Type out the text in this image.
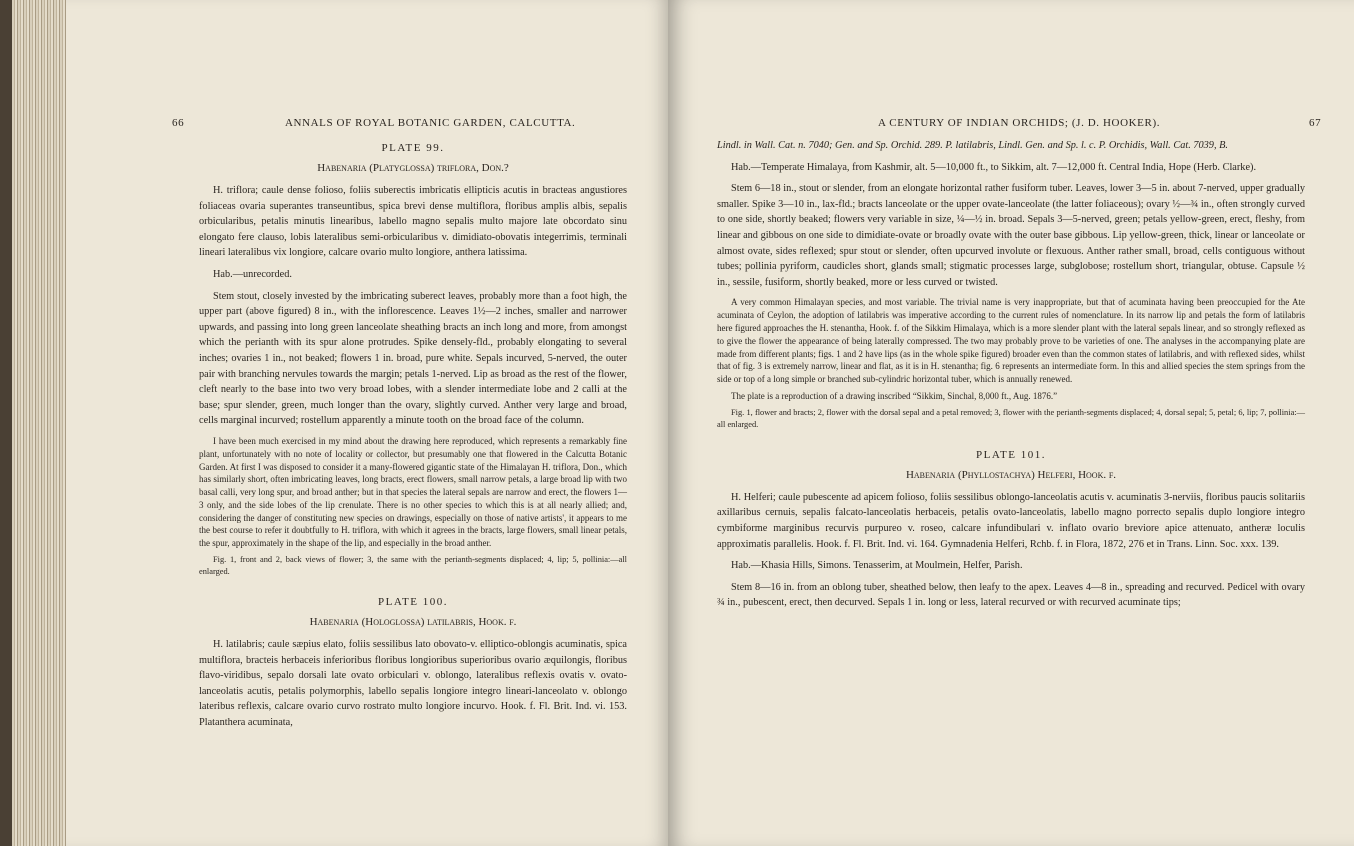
66	ANNALS OF ROYAL BOTANIC GARDEN, CALCUTTA.
PLATE 99.
Habenaria (Platyglossa) triflora, Don.?

H. triflora; caule dense folioso, foliis suberectis imbricatis ellipticis acutis in bracteas angustiores foliaceas ovaria superantes transeuntibus, spica brevi dense multiflora, floribus amplis albis, sepalis orbicularibus, petalis minutis linearibus, labello magno sepalis multo majore late obcordato sinu elongato fere clauso, lobis lateralibus semi-orbicularibus v. dimidiato-obovatis integerrimis, terminali lineari lateralibus vix longiore, calcare ovario multo longiore, anthera latissima.

Hab.—unrecorded.

Stem stout, closely invested by the imbricating suberect leaves, probably more than a foot high, the upper part (above figured) 8 in., with the inflorescence. Leaves 1½—2 inches, smaller and narrower upwards, and passing into long green lanceolate sheathing bracts an inch long and more, from amongst which the perianth with its spur alone protrudes. Spike densely-fld., probably elongating to several inches; ovaries 1 in., not beaked; flowers 1 in. broad, pure white. Sepals incurved, 5-nerved, the outer pair with branching nervules towards the margin; petals 1-nerved. Lip as broad as the rest of the flower, cleft nearly to the base into two very broad lobes, with a slender intermediate lobe and 2 calli at the base; spur slender, green, much longer than the ovary, slightly curved. Anther very large and broad, cells marginal incurved; rostellum apparently a minute tooth on the broad face of the column.

I have been much exercised in my mind about the drawing here reproduced, which represents a remarkably fine plant, unfortunately with no note of locality or collector, but presumably one that flowered in the Calcutta Botanic Garden. At first I was disposed to consider it a many-flowered gigantic state of the Himalayan H. triflora, Don., which has similarly short, often imbricating leaves, long bracts, erect flowers, small narrow petals, a large broad lip with two basal calli, very long spur, and broad anther; but in that species the lateral sepals are narrow and erect, the flowers 1—3 only, and the side lobes of the lip crenulate. There is no other species to which this is at all nearly allied; and, considering the danger of constituting new species on drawings, especially on those of native artists', it appears to me the best course to refer it doubtfully to H. triflora, with which it agrees in the bracts, large flowers, small linear petals, the spur, approximately in the shape of the lip, and especially in the broad anther.

Fig. 1, front and 2, back views of flower; 3, the same with the perianth-segments displaced; 4, lip; 5, pollinia:—all enlarged.

PLATE 100.
Habenaria (Hologlossa) latilabris, Hook. f.

H. latilabris; caule sæpius elato, foliis sessilibus lato obovato-v. elliptico-oblongis acuminatis, spica multiflora, bracteis herbaceis inferioribus floribus longioribus superioribus ovario æquilongis, floribus flavo-viridibus, sepalo dorsali late ovato orbiculari v. oblongo, lateralibus reflexis ovatis v. ovato-lanceolatis acutis, petalis polymorphis, labello sepalis longiore integro lineari-lanceolato v. oblongo lateribus reflexis, calcare ovario curvo rostrato multo longiore incurvo. Hook. f. Fl. Brit. Ind. vi. 153. Platanthera acuminata,

A CENTURY OF INDIAN ORCHIDS; (J. D. HOOKER).	67

Lindl. in Wall. Cat. n. 7040; Gen. and Sp. Orchid. 289. P. latilabris, Lindl. Gen. and Sp. l. c. P. Orchidis, Wall. Cat. 7039, B.

Hab.—Temperate Himalaya, from Kashmir, alt. 5—10,000 ft., to Sikkim, alt. 7—12,000 ft. Central India, Hope (Herb. Clarke).

Stem 6—18 in., stout or slender, from an elongate horizontal rather fusiform tuber. Leaves, lower 3—5 in. about 7-nerved, upper gradually smaller. Spike 3—10 in., lax-fld.; bracts lanceolate or the upper ovate-lanceolate (the latter foliaceous); ovary ½—¾ in., often strongly curved to one side, shortly beaked; flowers very variable in size, ¼—½ in. broad. Sepals 3—5-nerved, green; petals yellow-green, erect, fleshy, from linear and gibbous on one side to dimidiate-ovate or broadly ovate with the outer base gibbous. Lip yellow-green, thick, linear or lanceolate or almost ovate, sides reflexed; spur stout or slender, often upcurved involute or flexuous. Anther rather small, broad, cells contiguous without tubes; pollinia pyriform, caudicles short, glands small; stigmatic processes large, subglobose; rostellum short, triangular, obtuse. Capsule ½ in., sessile, fusiform, shortly beaked, more or less curved or twisted.

A very common Himalayan species, and most variable. The trivial name is very inappropriate, but that of acuminata having been preoccupied for the Ate acuminata of Ceylon, the adoption of latilabris was imperative according to the current rules of nomenclature. In its narrow lip and petals the form of latilabris here figured approaches the H. stenantha, Hook. f. of the Sikkim Himalaya, which is a more slender plant with the lateral sepals linear, and so strongly reflexed as to give the flower the appearance of being laterally compressed. The two may probably prove to be varieties of one. The analyses in the accompanying plate are made from different plants; figs. 1 and 2 have lips (as in the whole spike figured) broader even than the common states of latilabris, and with reflexed sides, whilst that of fig. 3 is extremely narrow, linear and flat, as it is in H. stenantha; fig. 6 represents an intermediate form. In this and allied species the stem springs from the side or top of a long simple or branched sub-cylindric horizontal tuber, which is annually renewed.

The plate is a reproduction of a drawing inscribed “Sikkim, Sinchal, 8,000 ft., Aug. 1876.”

Fig. 1, flower and bracts; 2, flower with the dorsal sepal and a petal removed; 3, flower with the perianth-segments displaced; 4, dorsal sepal; 5, petal; 6, lip; 7, pollinia:—all enlarged.

PLATE 101.
Habenaria (Phyllostachya) Helferi, Hook. f.

H. Helferi; caule pubescente ad apicem folioso, foliis sessilibus oblongo-lanceolatis acutis v. acuminatis 3-nerviis, floribus paucis solitariis axillaribus cernuis, sepalis falcato-lanceolatis herbaceis, petalis ovato-lanceolatis, labello magno porrecto sepalis duplo longiore integro cymbiforme marginibus recurvis purpureo v. roseo, calcare infundibulari v. inflato ovario breviore apice attenuato, antheræ loculis approximatis parallelis. Hook. f. Fl. Brit. Ind. vi. 164. Gymnadenia Helferi, Rchb. f. in Flora, 1872, 276 et in Trans. Linn. Soc. xxx. 139.

Hab.—Khasia Hills, Simons. Tenasserim, at Moulmein, Helfer, Parish.

Stem 8—16 in. from an oblong tuber, sheathed below, then leafy to the apex. Leaves 4—8 in., spreading and recurved. Pedicel with ovary ¾ in., pubescent, erect, then decurved. Sepals 1 in. long or less, lateral recurved or with recurved acuminate tips;
